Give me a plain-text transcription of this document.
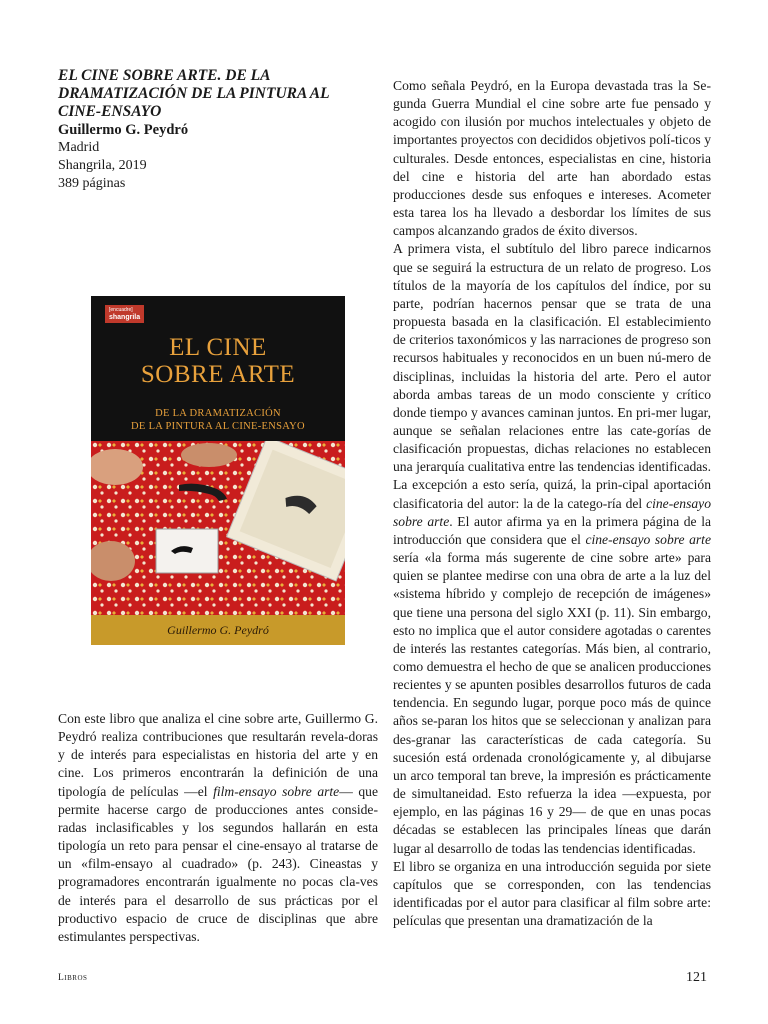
EL CINE SOBRE ARTE. DE LA DRAMATIZACIÓN DE LA PINTURA AL CINE-ENSAYO

Guillermo G. Peydró

Madrid

Shangrila, 2019

389 páginas

[encuadre]
shangrila
EL CINE
SOBRE ARTE
DE LA DRAMATIZACIÓN
DE LA PINTURA AL CINE-ENSAYO
Guillermo G. Peydró

Con este libro que analiza el cine sobre arte, Guillermo G. Peydró realiza contribuciones que resultarán revela-doras y de interés para especialistas en historia del arte y en cine. Los primeros encontrarán la definición de una tipología de películas —el film-ensayo sobre arte— que permite hacerse cargo de producciones antes conside-radas inclasificables y los segundos hallarán en esta tipología un reto para pensar el cine-ensayo al tratarse de un «film-ensayo al cuadrado» (p. 243). Cineastas y programadores encontrarán igualmente no pocas cla-ves de interés para el desarrollo de sus prácticas por el productivo espacio de cruce de disciplinas que abre estimulantes perspectivas.

Como señala Peydró, en la Europa devastada tras la Se-gunda Guerra Mundial el cine sobre arte fue pensado y acogido con ilusión por muchos intelectuales y objeto de importantes proyectos con decididos objetivos polí-ticos y culturales. Desde entonces, especialistas en cine, historia del cine e historia del arte han abordado estas producciones desde sus enfoques e intereses. Acometer esta tarea los ha llevado a desbordar los límites de sus campos alcanzando grados de éxito diversos.

A primera vista, el subtítulo del libro parece indicarnos que se seguirá la estructura de un relato de progreso. Los títulos de la mayoría de los capítulos del índice, por su parte, podrían hacernos pensar que se trata de una propuesta basada en la clasificación. El establecimiento de criterios taxonómicos y las narraciones de progreso son recursos habituales y reconocidos en un buen nú-mero de disciplinas, incluidas la historia del arte. Pero el autor aborda ambas tareas de un modo consciente y crítico donde tiempo y avances caminan juntos. En pri-mer lugar, aunque se señalan relaciones entre las cate-gorías de clasificación propuestas, dichas relaciones no establecen una jerarquía cualitativa entre las tendencias identificadas. La excepción a esto sería, quizá, la prin-cipal aportación clasificatoria del autor: la de la catego-ría del cine-ensayo sobre arte. El autor afirma ya en la primera página de la introducción que considera que el cine-ensayo sobre arte sería «la forma más sugerente de cine sobre arte» para quien se plantee medirse con una obra de arte a la luz del «sistema híbrido y complejo de recepción de imágenes» que tiene una persona del siglo XXI (p. 11). Sin embargo, esto no implica que el autor considere agotadas o carentes de interés las restantes categorías. Más bien, al contrario, como demuestra el hecho de que se analicen producciones recientes y se apunten posibles desarrollos futuros de cada tendencia. En segundo lugar, porque poco más de quince años se-paran los hitos que se seleccionan y analizan para des-granar las características de cada categoría. Su sucesión está ordenada cronológicamente y, al dibujarse un arco temporal tan breve, la impresión es prácticamente de simultaneidad. Esto refuerza la idea —expuesta, por ejemplo, en las páginas 16 y 29— de que en unas pocas décadas se establecen las principales líneas que darán lugar al desarrollo de todas las tendencias identificadas.

El libro se organiza en una introducción seguida por siete capítulos que se corresponden, con las tendencias identificadas por el autor para clasificar al film sobre arte: películas que presentan una dramatización de la

Libros	121
